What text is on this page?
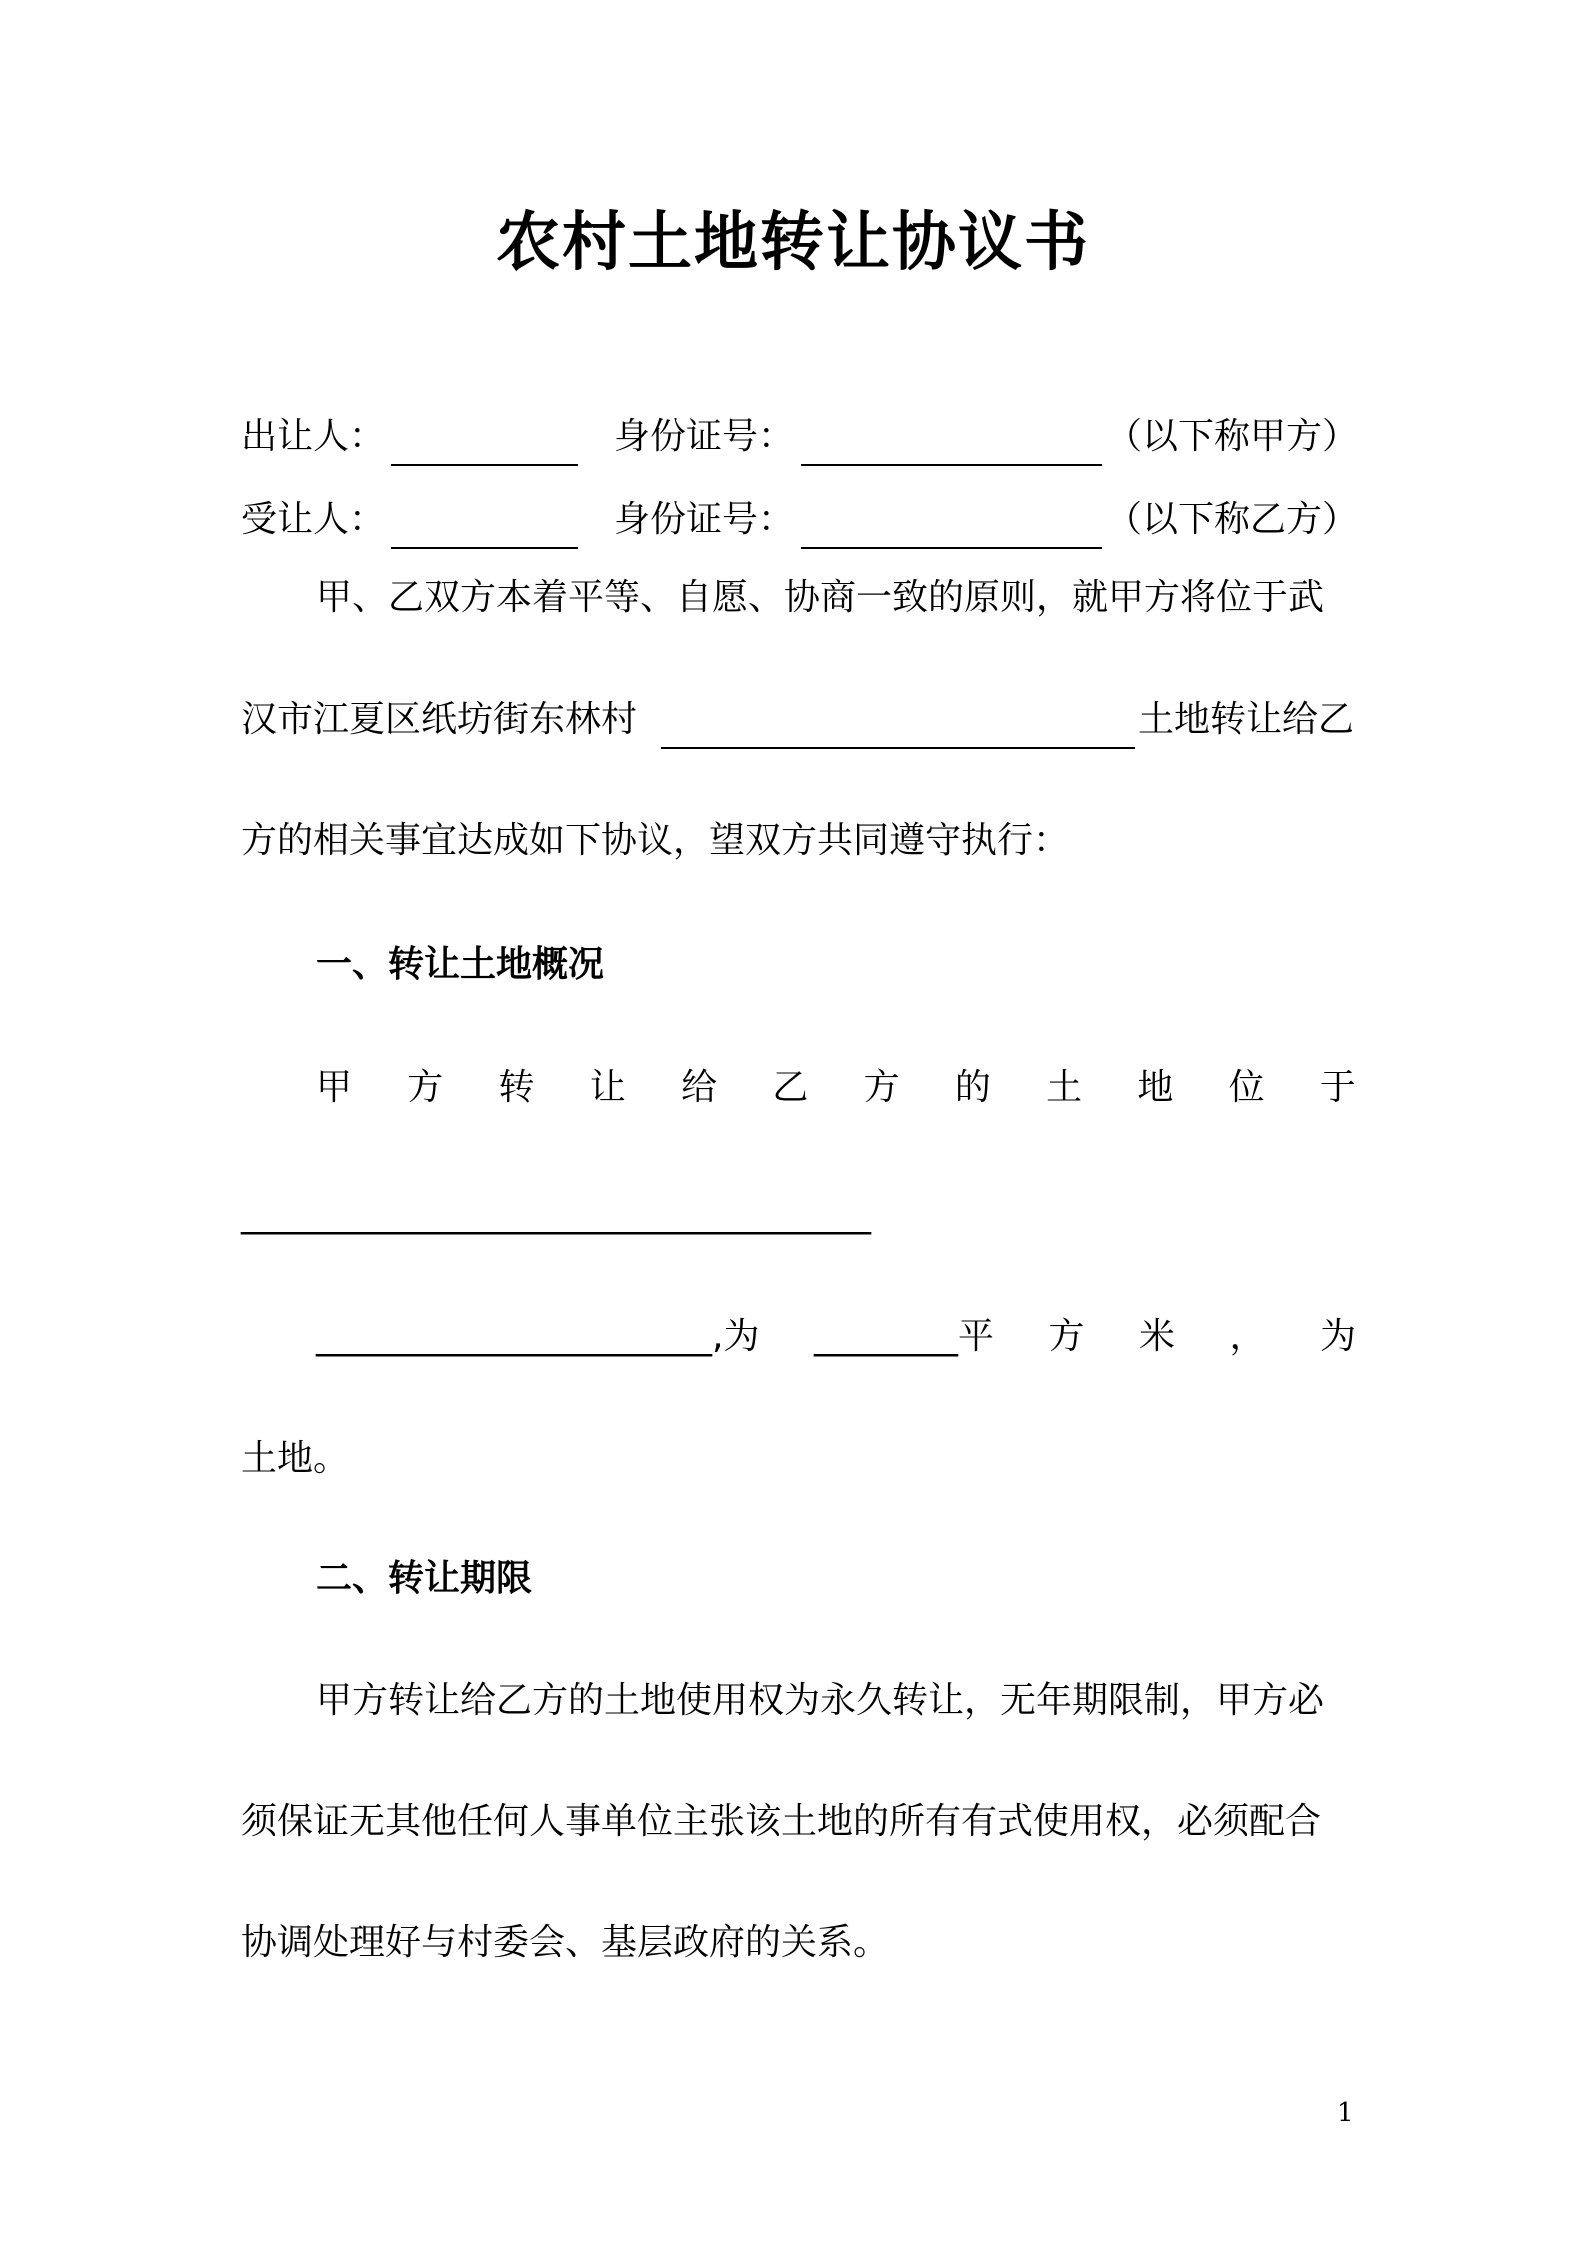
农村土地转让协议书
出让人：	身份证号：	（以下称甲方）
受让人：	身份证号：	（以下称乙方）
甲、乙双方本着平等、自愿、协商一致的原则，就甲方将位于武
汉市江夏区纸坊街东林村	土地转让给乙
方的相关事宜达成如下协议，望双方共同遵守执行：
一、转让土地概况
甲 方 转 让 给 乙 方 的 土 地 位 于
___________________________________
______________________,为 ________平 方 米 ， 为
土地。
二、转让期限
甲方转让给乙方的土地使用权为永久转让，无年期限制，甲方必
须保证无其他任何人事单位主张该土地的所有有式使用权，必须配合
协调处理好与村委会、基层政府的关系。
1
